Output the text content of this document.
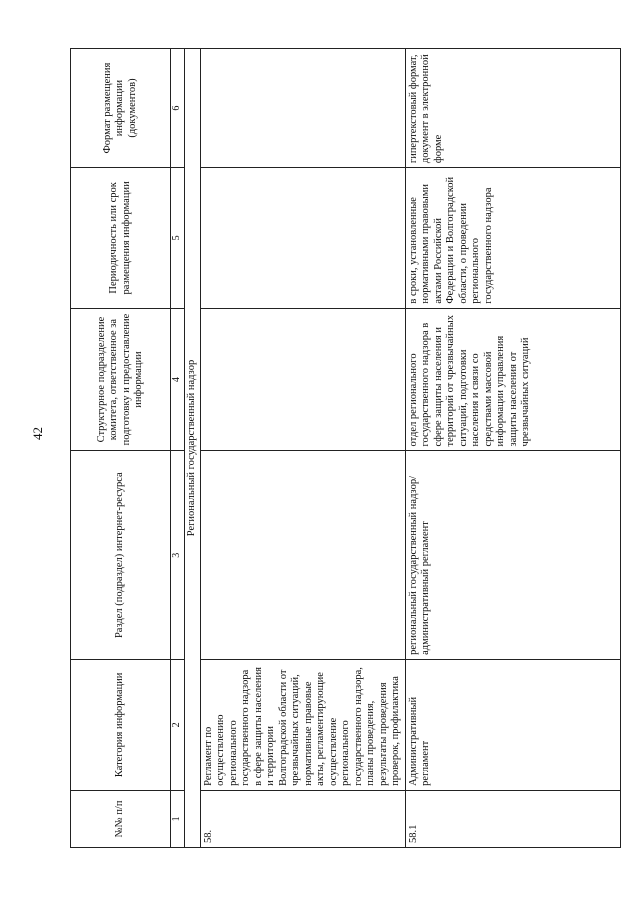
42
№№ п/п	Категория информации	Раздел (подраздел) интернет-ресурса	Структурное подразделение комитета, ответственное за подготовку и предоставление информации	Периодичность или срок размещения информации	Формат размещения информации (документов)
1	2	3	4	5	6
Региональный государственный надзор					
58.	Регламент по осуществлению регионального государственного надзора в сфере защиты населения и территории Волгоградской области от чрезвычайных ситуаций, нормативные правовые акты, регламентирующие осуществление регионального государственного надзора, планы проведения, результаты проведения проверок, профилактика				
58.1	Административный регламент	региональный государственный надзор/ административный регламент	отдел регионального государственного надзора в сфере защиты населения и территорий от чрезвычайных ситуаций, подготовки населения и связи со средствами массовой информации управления защиты населения от чрезвычайных ситуаций	в сроки, установленные нормативными правовыми актами Российской Федерации и Волгоградской области, о проведении регионального государственного надзора	гипертекстовый формат, документ в электронной форме
